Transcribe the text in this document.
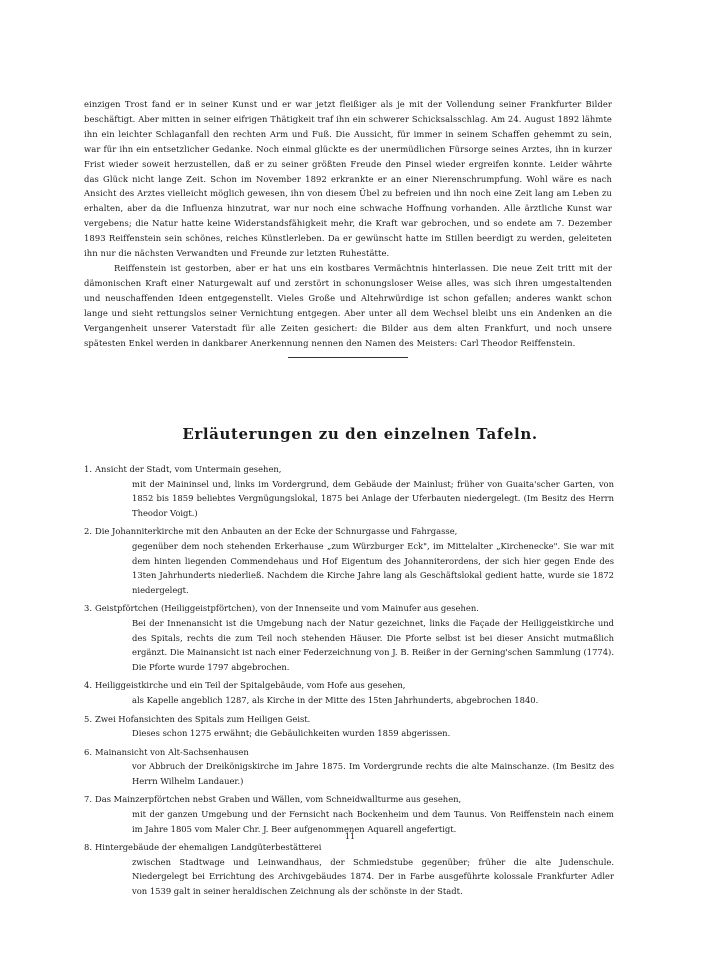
einzigen Trost fand er in seiner Kunst und er war jetzt fleißiger als je mit der Vollendung seiner Frankfurter Bilder beschäftigt. Aber mitten in seiner eifrigen Thätigkeit traf ihn ein schwerer Schicksalsschlag. Am 24. August 1892 lähmte ihn ein leichter Schlaganfall den rechten Arm und Fuß. Die Aussicht, für immer in seinem Schaffen gehemmt zu sein, war für ihn ein entsetzlicher Gedanke. Noch einmal glückte es der unermüdlichen Fürsorge seines Arztes, ihn in kurzer Frist wieder soweit herzustellen, daß er zu seiner größten Freude den Pinsel wieder ergreifen konnte. Leider währte das Glück nicht lange Zeit. Schon im November 1892 erkrankte er an einer Nierenschrumpfung. Wohl wäre es nach Ansicht des Arztes vielleicht möglich gewesen, ihn von diesem Übel zu befreien und ihn noch eine Zeit lang am Leben zu erhalten, aber da die Influenza hinzutrat, war nur noch eine schwache Hoffnung vorhanden. Alle ärztliche Kunst war vergebens; die Natur hatte keine Widerstandsfähigkeit mehr, die Kraft war gebrochen, und so endete am 7. Dezember 1893 Reiffenstein sein schönes, reiches Künstlerleben. Da er gewünscht hatte im Stillen beerdigt zu werden, geleiteten ihn nur die nächsten Verwandten und Freunde zur letzten Ruhestätte.

Reiffenstein ist gestorben, aber er hat uns ein kostbares Vermächtnis hinterlassen. Die neue Zeit tritt mit der dämonischen Kraft einer Naturgewalt auf und zerstört in schonungsloser Weise alles, was sich ihren umgestaltenden und neuschaffenden Ideen entgegenstellt. Vieles Große und Altehrwürdige ist schon gefallen; anderes wankt schon lange und sieht rettungslos seiner Vernichtung entgegen. Aber unter all dem Wechsel bleibt uns ein Andenken an die Vergangenheit unserer Vaterstadt für alle Zeiten gesichert: die Bilder aus dem alten Frankfurt, und noch unsere spätesten Enkel werden in dankbarer Anerkennung nennen den Namen des Meisters: Carl Theodor Reiffenstein.

Erläuterungen zu den einzelnen Tafeln.
1. Ansicht der Stadt, vom Untermain gesehen,
mit der Maininsel und, links im Vordergrund, dem Gebäude der Mainlust; früher von Guaita'scher Garten, von 1852 bis 1859 beliebtes Vergnügungslokal, 1875 bei Anlage der Uferbauten niedergelegt. (Im Besitz des Herrn Theodor Voigt.)
2. Die Johanniterkirche mit den Anbauten an der Ecke der Schnurgasse und Fahrgasse,
gegenüber dem noch stehenden Erkerhause „zum Würzburger Eck", im Mittelalter „Kirchenecke". Sie war mit dem hinten liegenden Commendehaus und Hof Eigentum des Johanniterordens, der sich hier gegen Ende des 13ten Jahrhunderts niederließ. Nachdem die Kirche Jahre lang als Geschäftslokal gedient hatte, wurde sie 1872 niedergelegt.
3. Geistpförtchen (Heiliggeistpförtchen), von der Innenseite und vom Mainufer aus gesehen.
Bei der Innenansicht ist die Umgebung nach der Natur gezeichnet, links die Façade der Heiliggeistkirche und des Spitals, rechts die zum Teil noch stehenden Häuser. Die Pforte selbst ist bei dieser Ansicht mutmaßlich ergänzt. Die Mainansicht ist nach einer Federzeichnung von J. B. Reißer in der Gerning'schen Sammlung (1774). Die Pforte wurde 1797 abgebrochen.
4. Heiliggeistkirche und ein Teil der Spitalgebäude, vom Hofe aus gesehen,
als Kapelle angeblich 1287, als Kirche in der Mitte des 15ten Jahrhunderts, abgebrochen 1840.
5. Zwei Hofansichten des Spitals zum Heiligen Geist.
Dieses schon 1275 erwähnt; die Gebäulichkeiten wurden 1859 abgerissen.
6. Mainansicht von Alt-Sachsenhausen
vor Abbruch der Dreikönigskirche im Jahre 1875. Im Vordergrunde rechts die alte Mainschanze. (Im Besitz des Herrn Wilhelm Landauer.)
7. Das Mainzerpförtchen nebst Graben und Wällen, vom Schneidwallturme aus gesehen,
mit der ganzen Umgebung und der Fernsicht nach Bockenheim und dem Taunus. Von Reiffenstein nach einem im Jahre 1805 vom Maler Chr. J. Beer aufgenommenen Aquarell angefertigt.
8. Hintergebäude der ehemaligen Landgüterbestätterei
zwischen Stadtwage und Leinwandhaus, der Schmiedstube gegenüber; früher die alte Judenschule. Niedergelegt bei Errichtung des Archivgebäudes 1874. Der in Farbe ausgeführte kolossale Frankfurter Adler von 1539 galt in seiner heraldischen Zeichnung als der schönste in der Stadt.
11
